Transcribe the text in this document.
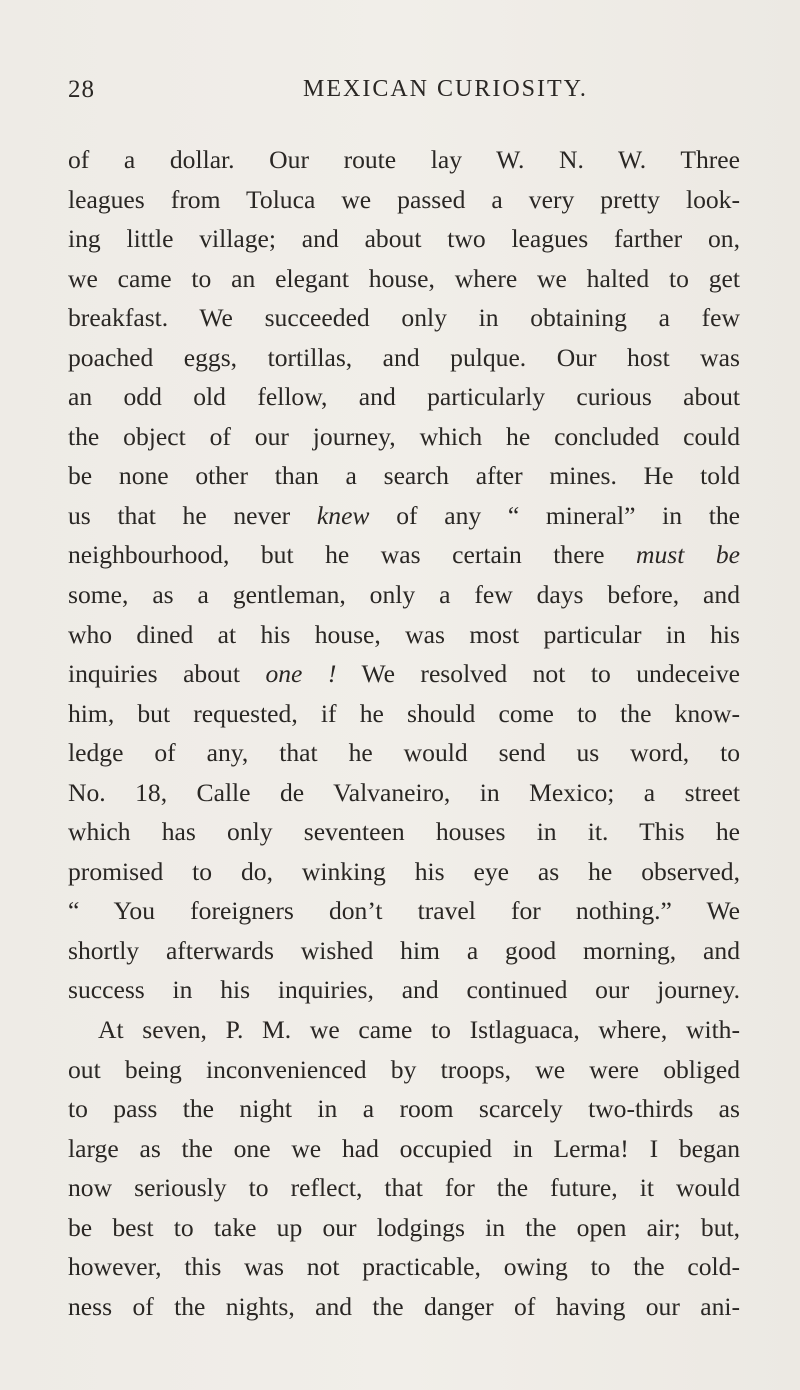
28	MEXICAN CURIOSITY.
of a dollar. Our route lay W. N. W. Three
leagues from Toluca we passed a very pretty look-
ing little village; and about two leagues farther on,
we came to an elegant house, where we halted to get
breakfast. We succeeded only in obtaining a few
poached eggs, tortillas, and pulque. Our host was
an odd old fellow, and particularly curious about
the object of our journey, which he concluded could
be none other than a search after mines. He told
us that he never knew of any “ mineral” in the
neighbourhood, but he was certain there must be
some, as a gentleman, only a few days before, and
who dined at his house, was most particular in his
inquiries about one ! We resolved not to undeceive
him, but requested, if he should come to the know-
ledge of any, that he would send us word, to
No. 18, Calle de Valvaneiro, in Mexico; a street
which has only seventeen houses in it. This he
promised to do, winking his eye as he observed,
“ You foreigners don’t travel for nothing.” We
shortly afterwards wished him a good morning, and
success in his inquiries, and continued our journey.
At seven, P. M. we came to Istlaguaca, where, with-
out being inconvenienced by troops, we were obliged
to pass the night in a room scarcely two-thirds as
large as the one we had occupied in Lerma! I began
now seriously to reflect, that for the future, it would
be best to take up our lodgings in the open air; but,
however, this was not practicable, owing to the cold-
ness of the nights, and the danger of having our ani-
